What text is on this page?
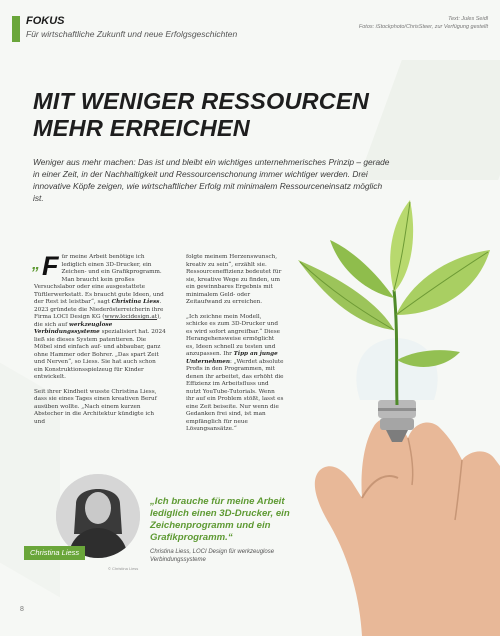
FOKUS
Für wirtschaftliche Zukunft und neue Erfolgsgeschichten
Text: Jules Seidl
Fotos: iStockphoto/ChrisSteer, zur Verfügung gestellt
MIT WENIGER RESSOURCEN
MEHR ERREICHEN
Weniger aus mehr machen: Das ist und bleibt ein wichtiges unternehmerisches Prinzip – gerade in einer Zeit, in der Nachhaltigkeit und Ressourcenschonung immer wichtiger werden. Drei innovative Köpfe zeigen, wie wirtschaftlicher Erfolg mit minimalem Ressourceneinsatz möglich ist.

„ F ür meine Arbeit benötige ich lediglich einen 3D-Drucker, ein Zeichen- und ein Grafikprogramm. Man braucht kein großes Versuchslabor oder eine ausgestattete Tüftlerwerkstatt. Es braucht gute Ideen, und der Rest ist leistbar“, sagt Christina Liess. 2023 gründete die Niederösterreicherin ihre Firma LOCI Design KG (www.locidesign.at), die sich auf werkzeuglose Verbindungssysteme spezialisiert hat. 2024 ließ sie dieses System patentieren. Die Möbel sind einfach auf- und abbaubar, ganz ohne Hammer oder Bohrer. „Das spart Zeit und Nerven“, so Liess. Sie hat auch schon ein Konstruktionsspielzeug für Kinder entwickelt.

Seit ihrer Kindheit wusste Christina Liess, dass sie eines Tages einen kreativen Beruf ausüben wollte. „Nach einem kurzen Abstecher in die Architektur kündigte ich und

folgte meinem Herzenswunsch, kreativ zu sein“, erzählt sie. Ressourceneffizienz bedeutet für sie, kreative Wege zu finden, um ein gewinnbares Ergebnis mit minimalem Geld- oder Zeitaufwand zu erreichen.

„Ich zeichne mein Modell, schicke es zum 3D-Drucker und es wird sofort angreifbar.“ Diese Herangehensweise ermöglicht es, Ideen schnell zu testen und anzupassen. Ihr Tipp an junge Unternehmen: „Werdet absolute Profis in den Programmen, mit denen ihr arbeitet, das erhöht die Effizienz im Arbeitsfluss und nutzt YouTube-Tutorials. Wenn ihr auf ein Problem stößt, lasst es eine Zeit beiseite. Nur wenn die Gedanken frei sind, ist man empfänglich für neue Lösungsansätze.“

© Christina Liess
Christina Liess
„Ich brauche für meine Arbeit lediglich einen 3D-Drucker, ein Zeichenprogramm und ein Grafikprogramm.“
Christina Liess, LOCI Design für werkzeuglose Verbindungssysteme
8
